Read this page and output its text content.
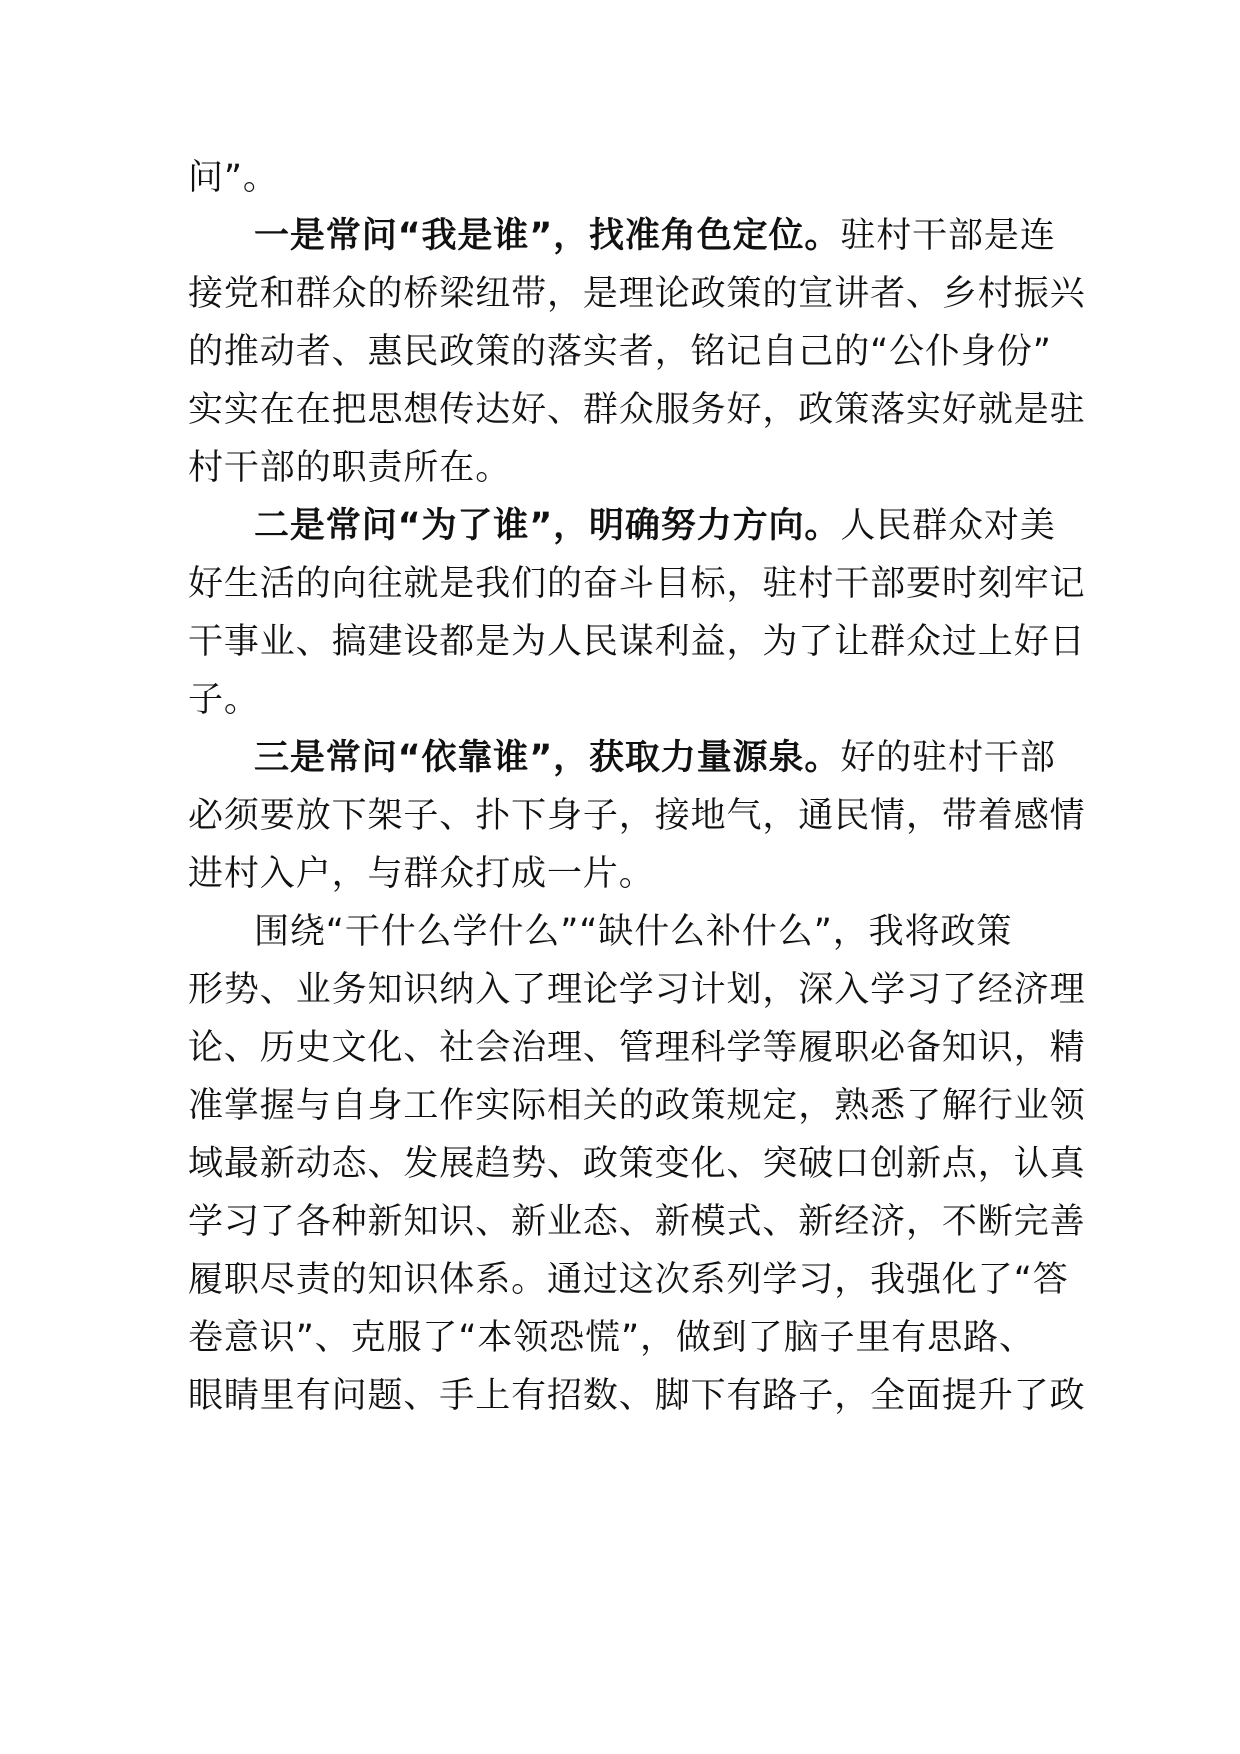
问”。

一是常问“我是谁”，找准角色定位。驻村干部是连

接党和群众的桥梁纽带，是理论政策的宣讲者、乡村振兴

的推动者、惠民政策的落实者，铭记自己的“公仆身份”

实实在在把思想传达好、群众服务好，政策落实好就是驻

村干部的职责所在。

二是常问“为了谁”，明确努力方向。人民群众对美

好生活的向往就是我们的奋斗目标，驻村干部要时刻牢记

干事业、搞建设都是为人民谋利益，为了让群众过上好日

子。

三是常问“依靠谁”，获取力量源泉。好的驻村干部

必须要放下架子、扑下身子，接地气，通民情，带着感情

进村入户，与群众打成一片。

围绕“干什么学什么”“缺什么补什么”，我将政策

形势、业务知识纳入了理论学习计划，深入学习了经济理

论、历史文化、社会治理、管理科学等履职必备知识，精

准掌握与自身工作实际相关的政策规定，熟悉了解行业领

域最新动态、发展趋势、政策变化、突破口创新点，认真

学习了各种新知识、新业态、新模式、新经济，不断完善

履职尽责的知识体系。通过这次系列学习，我强化了“答

卷意识”、克服了“本领恐慌”，做到了脑子里有思路、

眼睛里有问题、手上有招数、脚下有路子，全面提升了政
